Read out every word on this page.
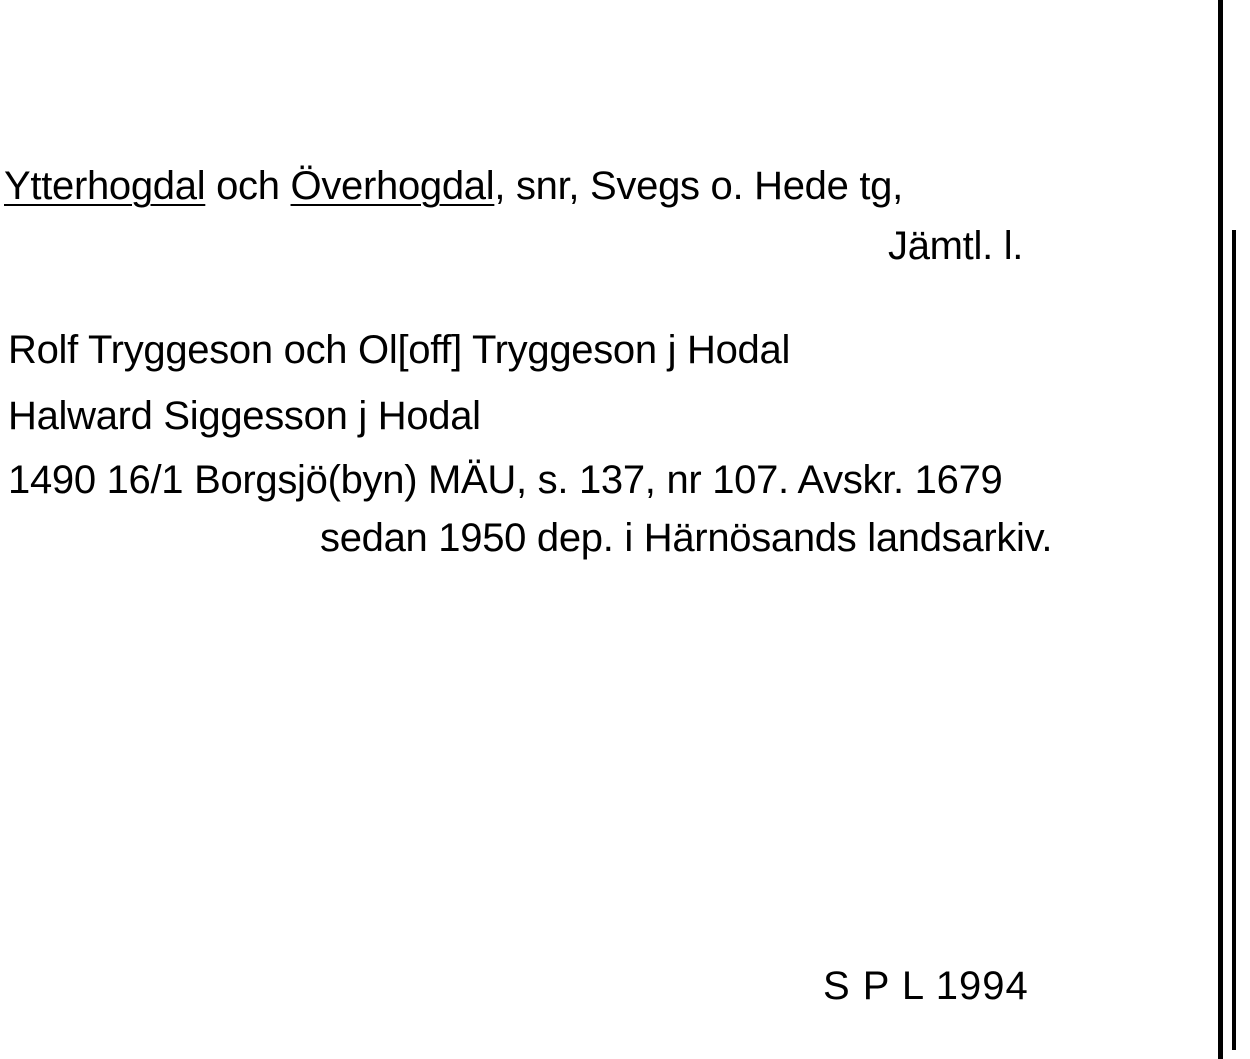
Ytterhogdal och Överhogdal, snr, Svegs o. Hede tg,
Jämtl. l.
Rolf Tryggeson och Ol[off] Tryggeson j Hodal
Halward Siggesson j Hodal
1490 16/1 Borgsjö(byn) MÄU, s. 137, nr 107. Avskr. 1679
sedan 1950 dep. i Härnösands landsarkiv.
S P L 1994
